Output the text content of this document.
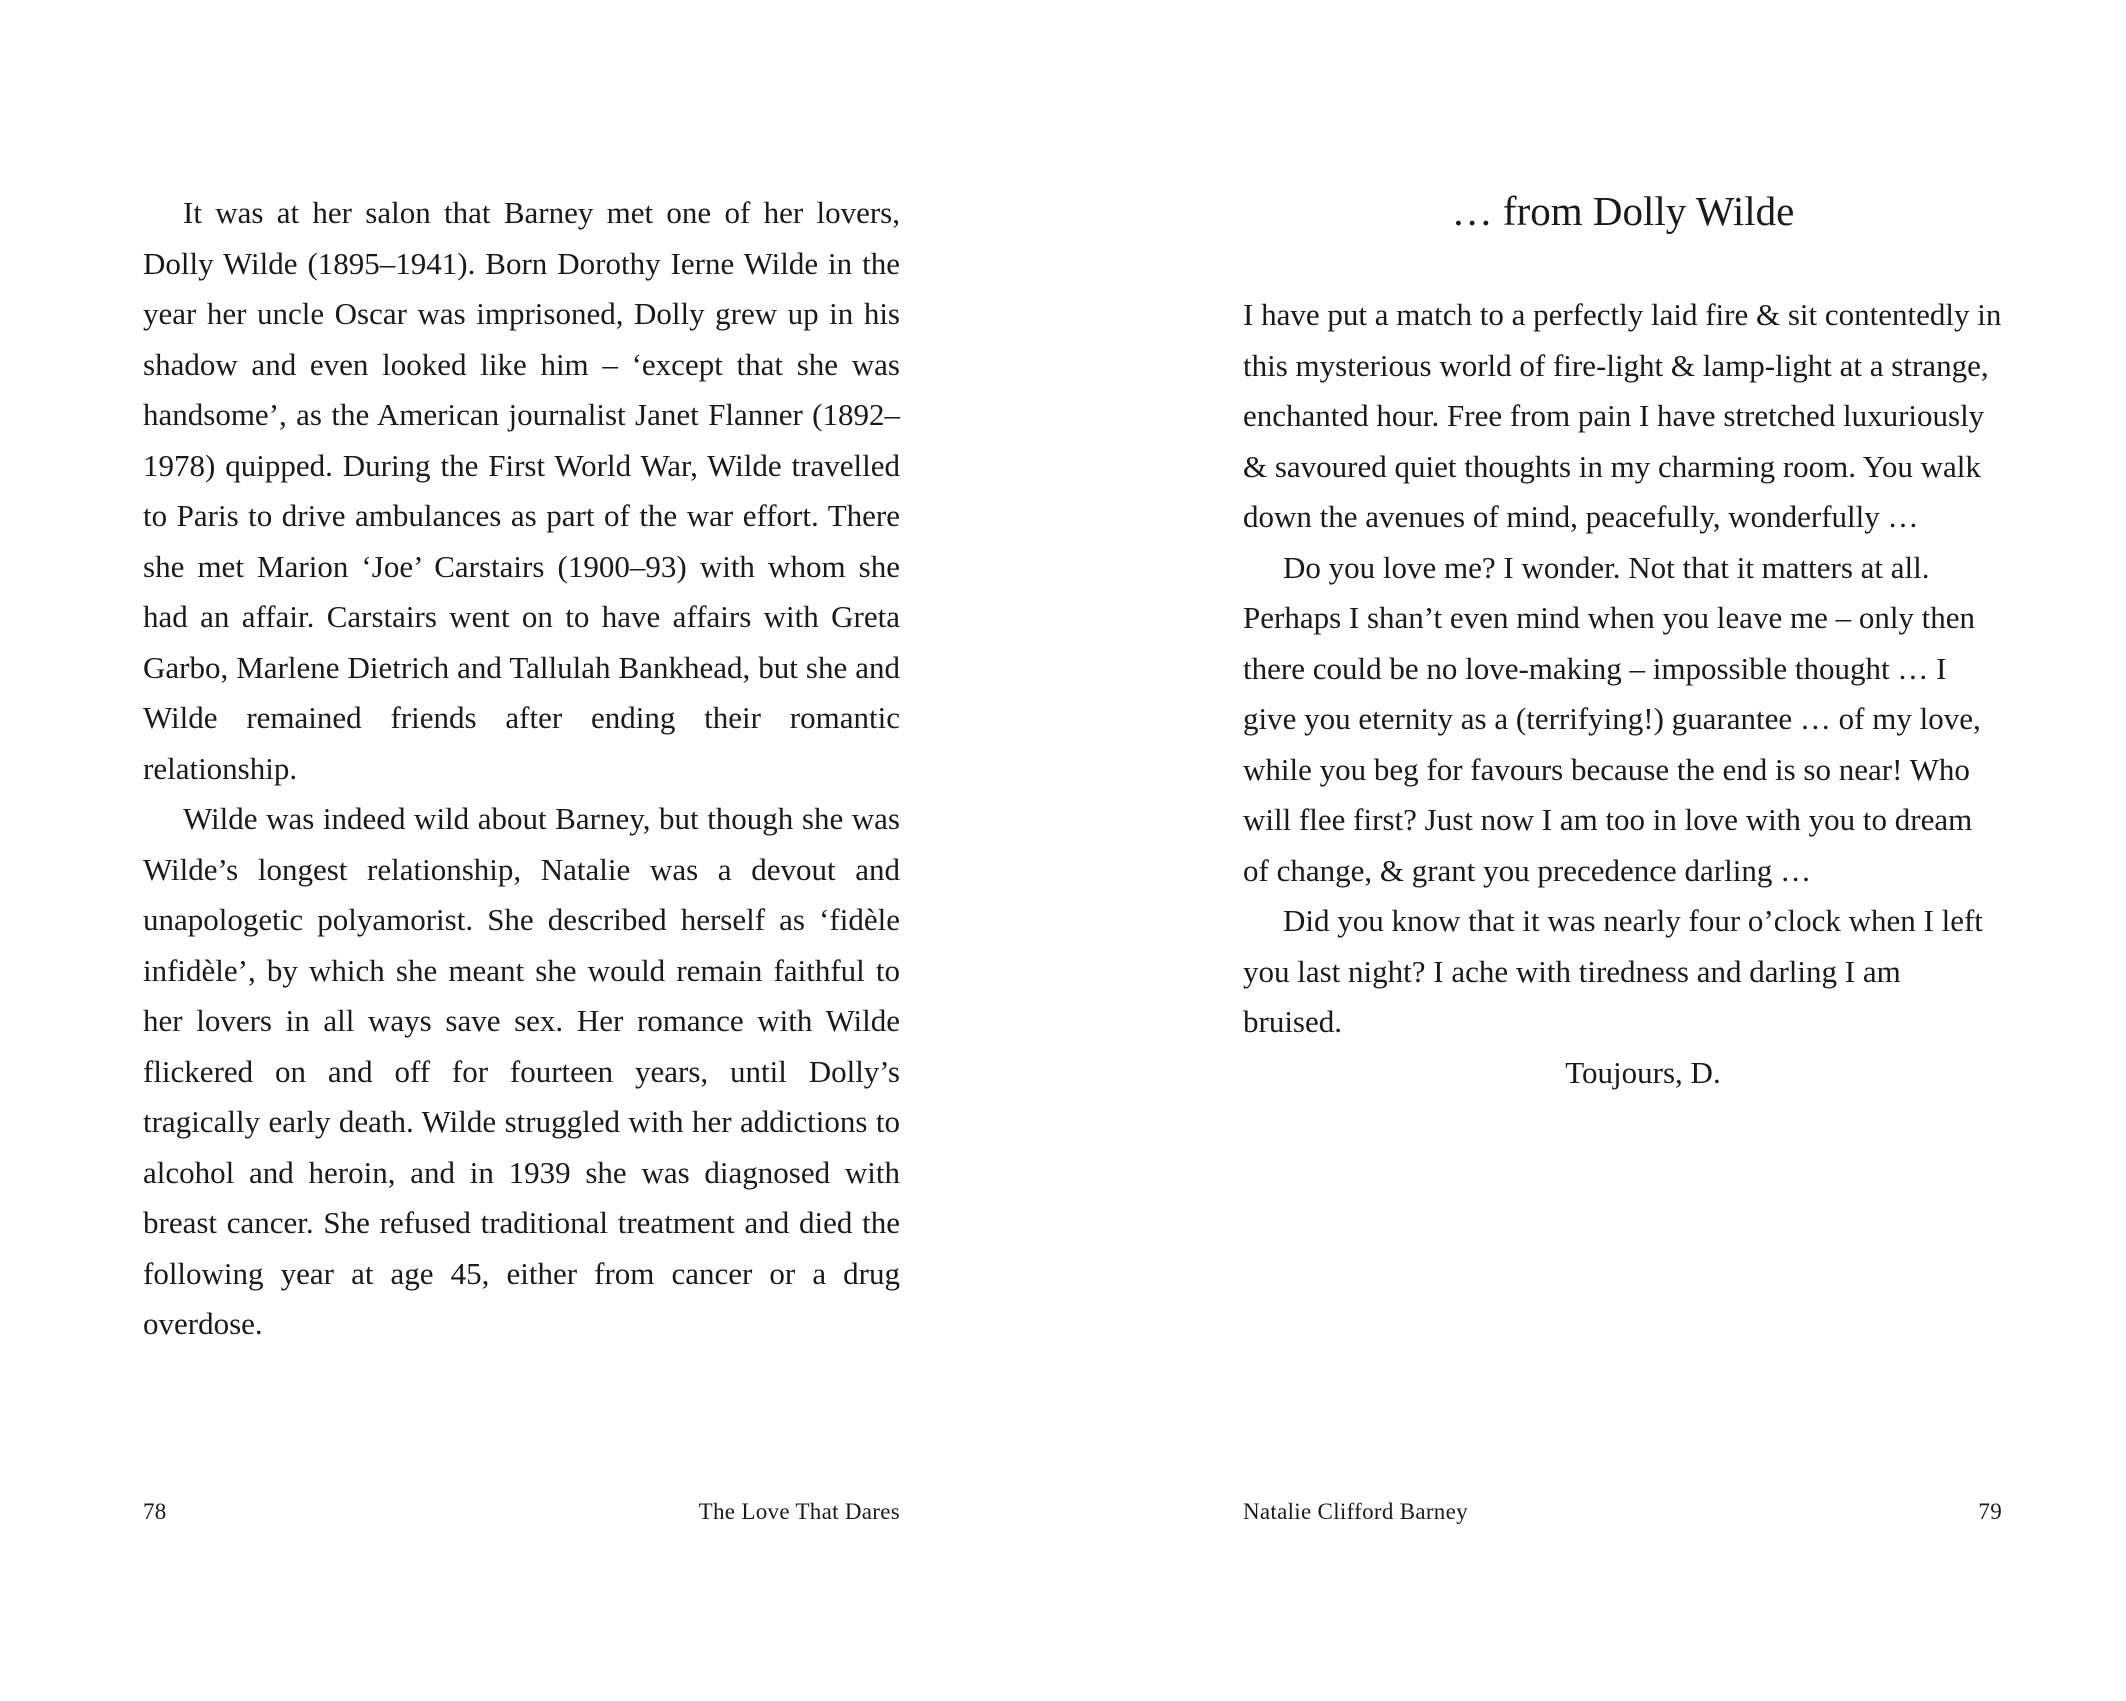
It was at her salon that Barney met one of her lovers, Dolly Wilde (1895–1941). Born Dorothy Ierne Wilde in the year her uncle Oscar was imprisoned, Dolly grew up in his shadow and even looked like him – ‘except that she was handsome’, as the American journalist Janet Flanner (1892–1978) quipped. During the First World War, Wilde travelled to Paris to drive ambulances as part of the war effort. There she met Marion ‘Joe’ Carstairs (1900–93) with whom she had an affair. Carstairs went on to have affairs with Greta Garbo, Marlene Dietrich and Tallulah Bankhead, but she and Wilde remained friends after ending their romantic relationship.

Wilde was indeed wild about Barney, but though she was Wilde’s longest relationship, Natalie was a devout and unapologetic polyamorist. She described herself as ‘fidèle infidèle’, by which she meant she would remain faithful to her lovers in all ways save sex. Her romance with Wilde flickered on and off for fourteen years, until Dolly’s tragically early death. Wilde struggled with her addictions to alcohol and heroin, and in 1939 she was diagnosed with breast cancer. She refused traditional treatment and died the following year at age 45, either from cancer or a drug overdose.

78	The Love That Dares
… from Dolly Wilde

I have put a match to a perfectly laid fire & sit contentedly in this mysterious world of fire-light & lamp-light at a strange, enchanted hour. Free from pain I have stretched luxuriously & savoured quiet thoughts in my charming room. You walk down the avenues of mind, peacefully, wonderfully …

Do you love me? I wonder. Not that it matters at all. Perhaps I shan’t even mind when you leave me – only then there could be no love-making – impossible thought … I give you eternity as a (terrifying!) guarantee … of my love, while you beg for favours because the end is so near! Who will flee first? Just now I am too in love with you to dream of change, & grant you precedence darling …

Did you know that it was nearly four o’clock when I left you last night? I ache with tiredness and darling I am bruised.

Toujours, D.

Natalie Clifford Barney	79
